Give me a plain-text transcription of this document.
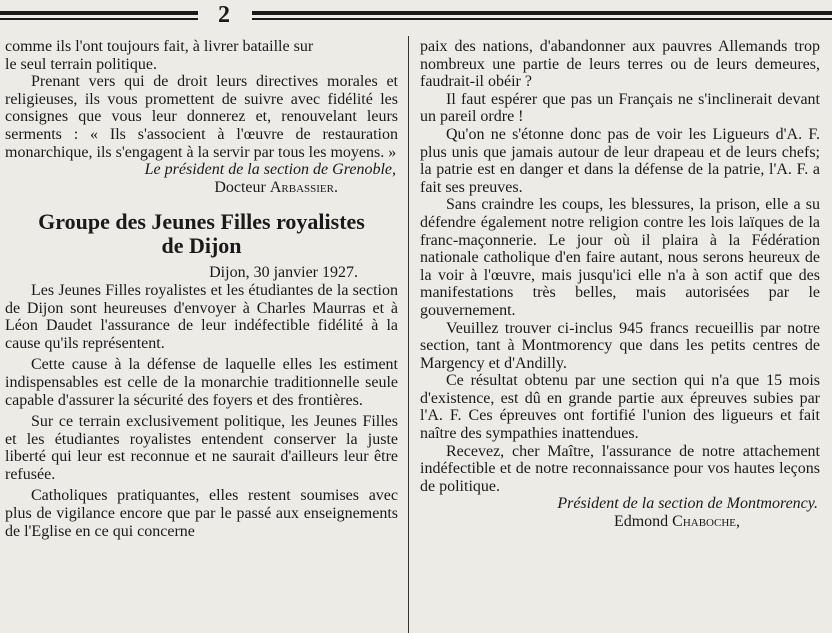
2

comme ils l'ont toujours fait, à livrer bataille sur

le seul terrain politique.

Prenant vers qui de droit leurs directives morales et religieuses, ils vous promettent de suivre avec fidélité les consignes que vous leur donnerez et, renouvelant leurs serments : « Ils s'associent à l'œuvre de restauration monarchique, ils s'engagent à la servir par tous les moyens. »

Le président de la section de Grenoble,

Docteur Arbassier.

Groupe des Jeunes Filles royalistes
de Dijon

Dijon, 30 janvier 1927.

Les Jeunes Filles royalistes et les étudiantes de la section de Dijon sont heureuses d'envoyer à Charles Maurras et à Léon Daudet l'assurance de leur indéfectible fidélité à la cause qu'ils représentent.

Cette cause à la défense de laquelle elles les estiment indispensables est celle de la monarchie traditionnelle seule capable d'assurer la sécurité des foyers et des frontières.

Sur ce terrain exclusivement politique, les Jeunes Filles et les étudiantes royalistes entendent conserver la juste liberté qui leur est reconnue et ne saurait d'ailleurs leur être refusée.

Catholiques pratiquantes, elles restent soumises avec plus de vigilance encore que par le passé aux enseignements de l'Eglise en ce qui concerne

paix des nations, d'abandonner aux pauvres Allemands trop nombreux une partie de leurs terres ou de leurs demeures, faudrait-il obéir ?

Il faut espérer que pas un Français ne s'inclinerait devant un pareil ordre !

Qu'on ne s'étonne donc pas de voir les Ligueurs d'A. F. plus unis que jamais autour de leur drapeau et de leurs chefs; la patrie est en danger et dans la défense de la patrie, l'A. F. a fait ses preuves.

Sans craindre les coups, les blessures, la prison, elle a su défendre également notre religion contre les lois laïques de la franc-maçonnerie. Le jour où il plaira à la Fédération nationale catholique d'en faire autant, nous serons heureux de la voir à l'œuvre, mais jusqu'ici elle n'a à son actif que des manifestations très belles, mais autorisées par le gouvernement.

Veuillez trouver ci-inclus 945 francs recueillis par notre section, tant à Montmorency que dans les petits centres de Margency et d'Andilly.

Ce résultat obtenu par une section qui n'a que 15 mois d'existence, est dû en grande partie aux épreuves subies par l'A. F. Ces épreuves ont fortifié l'union des ligueurs et fait naître des sympathies inattendues.

Recevez, cher Maître, l'assurance de notre attachement indéfectible et de notre reconnaissance pour vos hautes leçons de politique.

Président de la section de Montmorency.

Edmond Chaboche,
